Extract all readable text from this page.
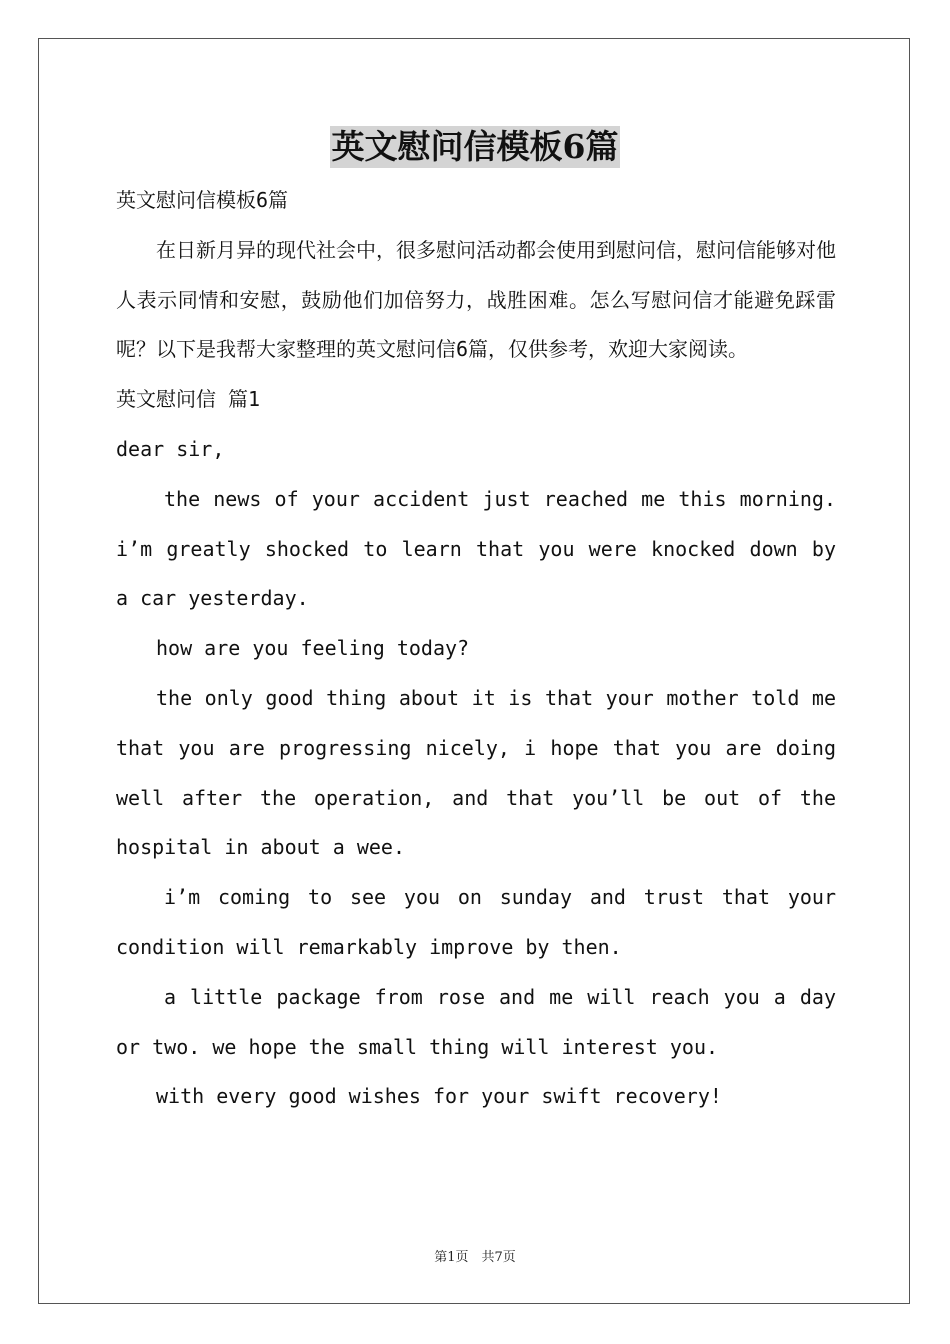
英文慰问信模板6篇

英文慰问信模板6篇

在日新月异的现代社会中，很多慰问活动都会使用到慰问信，慰问信能够对他人表示同情和安慰，鼓励他们加倍努力，战胜困难。怎么写慰问信才能避免踩雷呢？以下是我帮大家整理的英文慰问信6篇，仅供参考，欢迎大家阅读。

英文慰问信 篇1

dear sir,

the news of your accident just reached me this morning. i’m greatly shocked to learn that you were knocked down by a car yesterday.

how are you feeling today?

the only good thing about it is that your mother told me that you are progressing nicely, i hope that you are doing well after the operation, and that you’ll be out of the hospital in about a wee.

i’m coming to see you on sunday and trust that your condition will remarkably improve by then.

a little package from rose and me will reach you a day or two. we hope the small thing will interest you.

with every good wishes for your swift recovery!

第1页　共7页
